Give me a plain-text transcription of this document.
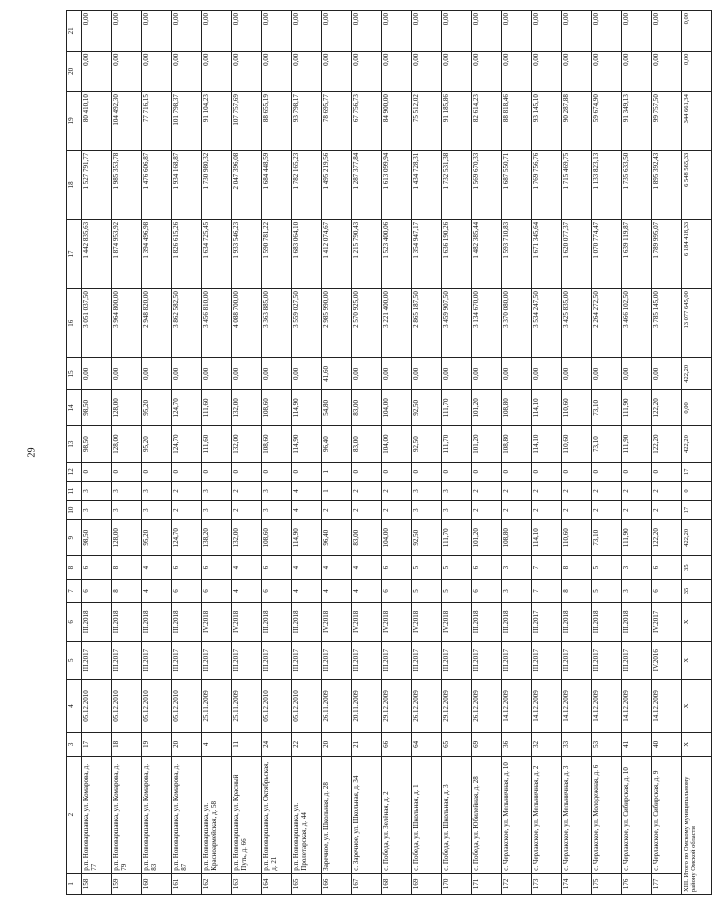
29
1	2	3	4	5	6	7	8	9	10	11	12	13	14	15	16	17	18	19	20	21
158	р.п. Нововаршавка, ул. Комарова, д. 77	17	05.12.2010	III.2017	III.2018	6	6	98,50	3	3	0	98,50	98,50	0,00	3 051 037,50	1 442 835,63	1 527 791,77	80 410,10	0,00	0,00
159	р.п. Нововаршавка, ул. Комарова, д. 79	18	05.12.2010	III.2017	III.2018	8	8	128,00	3	3	0	128,00	128,00	0,00	3 964 800,00	1 874 953,92	1 985 353,78	104 492,30	0,00	0,00
160	р.п. Нововаршавка, ул. Комарова, д. 83	19	05.12.2010	III.2017	III.2018	4	4	95,20	3	3	0	95,20	95,20	0,00	2 948 820,00	1 394 496,98	1 476 606,87	77 716,15	0,00	0,00
161	р.п. Нововаршавка, ул. Комарова, д. 87	20	05.12.2010	III.2017	III.2018	6	6	124,70	2	2	0	124,70	124,70	0,00	3 862 582,50	1 826 615,26	1 934 168,87	101 798,37	0,00	0,00
162	р.п. Нововаршавка, ул. Красноармейская, д. 58	4	25.11.2009	III.2017	IV.2018	6	6	138,20	3	3	0	111,60	111,60	0,00	3 456 810,00	1 634 725,45	1 730 980,32	91 104,23	0,00	0,00
163	р.п. Нововаршавка, ул. Красный Путь, д. 66	11	25.11.2009	III.2017	IV.2018	4	4	132,00	2	2	0	132,00	132,00	0,00	4 088 700,00	1 933 546,23	2 047 396,08	107 757,69	0,00	0,00
164	р.п. Нововаршавка, ул. Октябрьская, д. 21	24	05.12.2010	III.2017	III.2018	6	6	108,60	3	3	0	108,60	108,60	0,00	3 363 885,00	1 590 781,22	1 684 448,59	88 655,19	0,00	0,00
165	р.п. Нововаршавка, ул. Пролетарская, д. 44	22	05.12.2010	III.2017	III.2018	4	4	114,90	4	4	0	114,90	114,90	0,00	3 559 027,50	1 683 064,10	1 782 165,23	93 798,17	0,00	0,00
166	Заречное, ул. Школьная, д. 28	20	26.11.2009	III.2017	IV.2018	4	4	96,40	2	1	1	96,40	54,80	41,60	2 985 990,00	1 412 074,67	1 495 219,56	78 695,77	0,00	0,00
167	с. Заречное, ул. Школьная, д. 34	21	20.11.2009	III.2017	IV.2018	4	4	83,00	2	2	0	83,00	83,00	0,00	2 570 925,00	1 215 790,43	1 287 377,84	67 756,73	0,00	0,00
168	с. Победа, ул. Зелёная, д. 2	66	29.12.2009	III.2017	IV.2018	6	6	104,00	2	2	0	104,00	104,00	0,00	3 221 400,00	1 523 400,06	1 613 099,94	84 900,00	0,00	0,00
169	с. Победа, ул. Школьная, д. 1	64	26.12.2009	III.2017	IV.2018	5	5	92,50	3	3	0	92,50	92,50	0,00	2 865 187,50	1 354 947,17	1 434 728,31	75 512,02	0,00	0,00
170	с. Победа, ул. Школьная, д. 3	65	29.12.2009	III.2017	IV.2018	5	5	111,70	3	3	0	111,70	111,70	0,00	3 459 907,50	1 636 190,26	1 732 531,38	91 185,86	0,00	0,00
171	с. Победа, ул. Юбилейная, д. 28	69	26.12.2009	III.2017	III.2018	6	6	101,20	2	2	0	101,20	101,20	0,00	3 134 670,00	1 482 385,44	1 569 670,33	82 614,23	0,00	0,00
172	с. Черлакское, ул. Мельничная, д. 10	36	14.12.2009	III.2017	III.2018	3	3	108,80	2	2	0	108,80	108,80	0,00	3 370 080,00	1 593 710,83	1 687 550,71	88 818,46	0,00	0,00
173	с. Черлакское, ул. Мельничная, д. 2	32	14.12.2009	III.2017	III.2017	7	7	114,10	2	2	0	114,10	114,10	0,00	3 534 247,50	1 671 345,64	1 769 756,76	93 145,10	0,00	0,00
174	с. Черлакское, ул. Мельничная, д. 3	33	14.12.2009	III.2017	III.2018	8	8	110,60	2	2	0	110,60	110,60	0,00	3 425 835,00	1 620 077,37	1 715 469,75	90 287,88	0,00	0,00
175	с. Черлакское, ул. Молодежная, д. 6	53	14.12.2009	III.2017	III.2018	5	5	73,10	2	2	0	73,10	73,10	0,00	2 264 272,50	1 070 774,47	1 133 823,13	59 674,90	0,00	0,00
176	с. Черлакское, ул. Сибирская, д. 10	41	14.12.2009	III.2017	III.2018	3	3	111,90	2	2	0	111,90	111,90	0,00	3 466 102,50	1 639 119,87	1 735 633,50	91 349,13	0,00	0,00
177	с. Черлакское, ул. Сибирская, д. 9	40	14.12.2009	IV.2016	IV.2017	6	6	122,20	2	2	0	122,20	122,20	0,00	3 785 145,00	1 789 995,07	1 895 392,43	99 757,50	0,00	0,00
XIII. Итого по Омскому муниципальному району Омской области		X	X	X	X	35	35	422,20	17	0	17	422,20	0,00	422,20	13 077 645,00	6 184 418,33	6 548 565,33	344 661,34	0,00	0,00
